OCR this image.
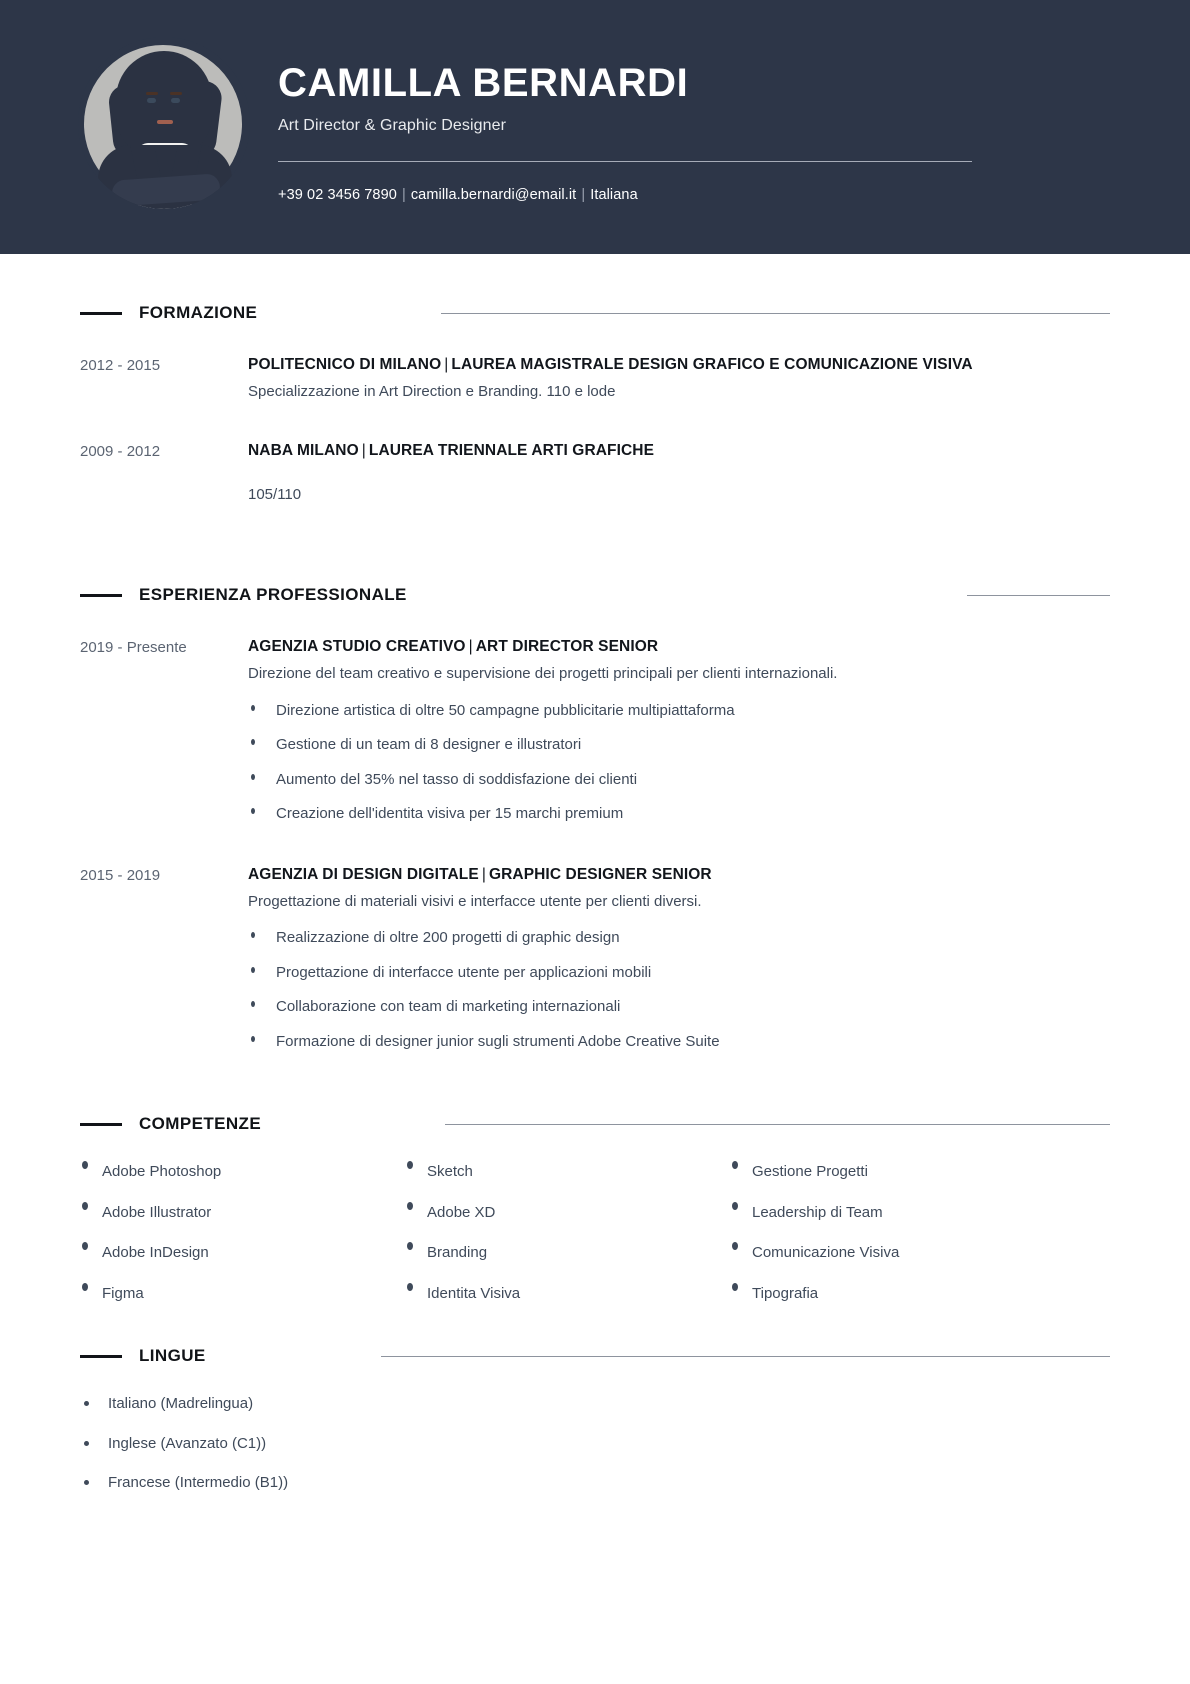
CAMILLA BERNARDI
Art Director & Graphic Designer
+39 02 3456 7890 | camilla.bernardi@email.it | Italiana
FORMAZIONE
2012 - 2015	POLITECNICO DI MILANO | LAUREA MAGISTRALE DESIGN GRAFICO E COMUNICAZIONE VISIVA
Specializzazione in Art Direction e Branding. 110 e lode
2009 - 2012	NABA MILANO | LAUREA TRIENNALE ARTI GRAFICHE
105/110
ESPERIENZA PROFESSIONALE
2019 - Presente	AGENZIA STUDIO CREATIVO | ART DIRECTOR SENIOR
Direzione del team creativo e supervisione dei progetti principali per clienti internazionali.
Direzione artistica di oltre 50 campagne pubblicitarie multipiattaforma
Gestione di un team di 8 designer e illustratori
Aumento del 35% nel tasso di soddisfazione dei clienti
Creazione dell'identita visiva per 15 marchi premium
2015 - 2019	AGENZIA DI DESIGN DIGITALE | GRAPHIC DESIGNER SENIOR
Progettazione di materiali visivi e interfacce utente per clienti diversi.
Realizzazione di oltre 200 progetti di graphic design
Progettazione di interfacce utente per applicazioni mobili
Collaborazione con team di marketing internazionali
Formazione di designer junior sugli strumenti Adobe Creative Suite
COMPETENZE
Adobe Photoshop
Adobe Illustrator
Adobe InDesign
Figma
Sketch
Adobe XD
Branding
Identita Visiva
Gestione Progetti
Leadership di Team
Comunicazione Visiva
Tipografia
LINGUE
Italiano (Madrelingua)
Inglese (Avanzato (C1))
Francese (Intermedio (B1))
